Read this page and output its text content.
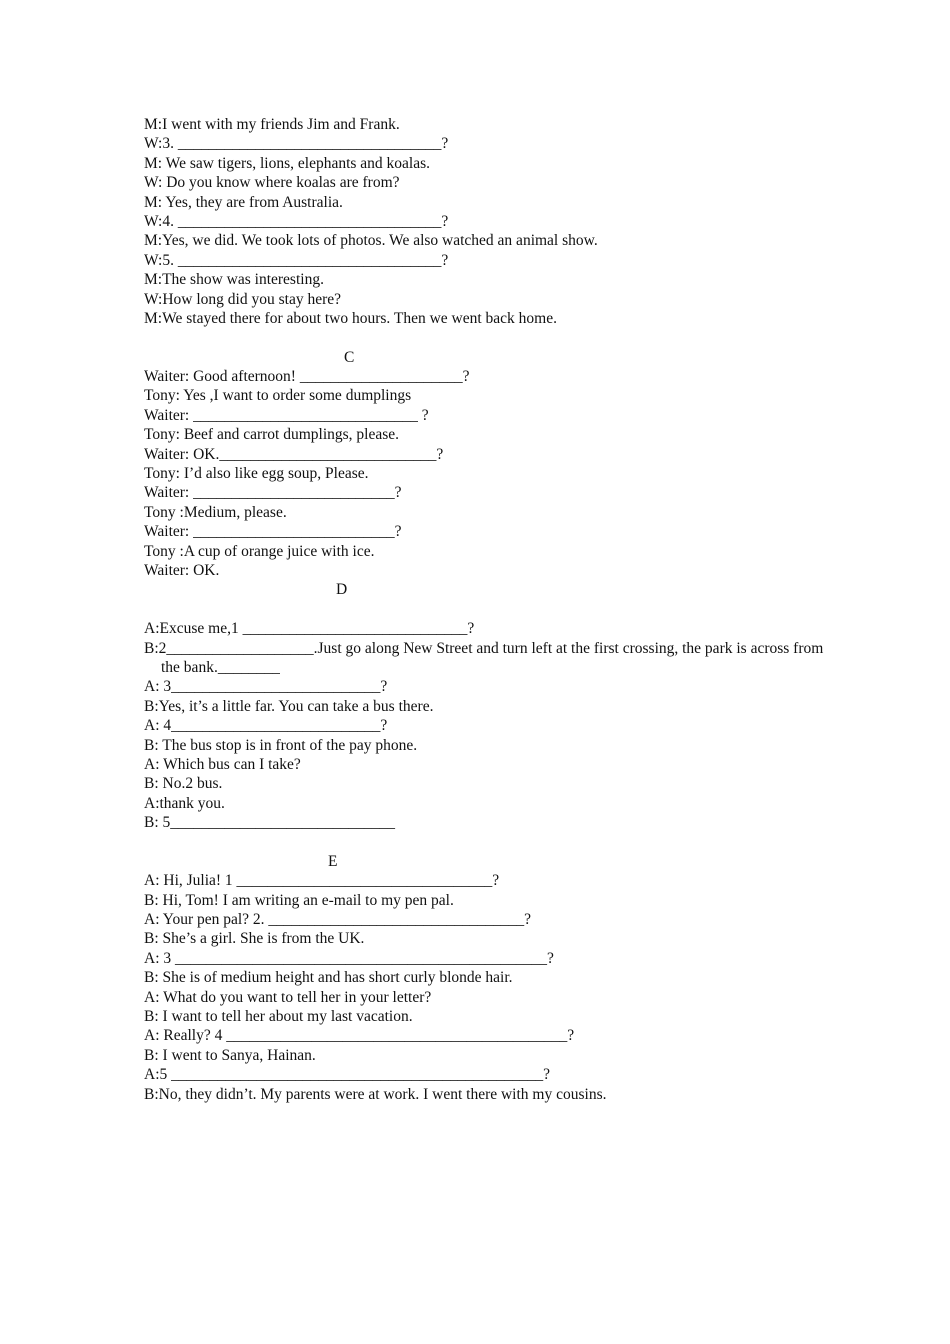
M:I went with my friends Jim and Frank.
W:3. __________________________________?
M: We saw tigers, lions, elephants and koalas.
W: Do you know where koalas are from?
M: Yes, they are from Australia.
W:4. __________________________________?
M:Yes, we did. We took lots of photos. We also watched an animal show.
W:5. __________________________________?
M:The show was interesting.
W:How long did you stay here?
M:We stayed there for about two hours. Then we went back home.
C
Waiter: Good afternoon! _____________________?
Tony: Yes ,I want to order some dumplings
Waiter: _____________________________ ?
Tony: Beef and carrot dumplings, please.
Waiter: OK.____________________________?
Tony: I’d also like egg soup, Please.
Waiter: __________________________?
Tony :Medium, please.
Waiter: __________________________?
Tony :A cup of orange juice with ice.
Waiter: OK.
D
A:Excuse me,1 _____________________________?
B:2___________________.Just go along New Street and turn left at the first crossing, the park is across from the bank.________
A: 3___________________________?
B:Yes, it’s a little far. You can take a bus there.
A: 4___________________________?
B: The bus stop is in front of the pay phone.
A: Which bus can I take?
B: No.2 bus.
A:thank you.
B: 5_____________________________
E
A: Hi, Julia! 1 _________________________________?
B: Hi, Tom! I am writing an e-mail to my pen pal.
A: Your pen pal? 2. _________________________________?
B: She’s a girl. She is from the UK.
A: 3 ________________________________________________?
B: She is of medium height and has short curly blonde hair.
A: What do you want to tell her in your letter?
B: I want to tell her about my last vacation.
A: Really? 4 ____________________________________________?
B: I went to Sanya, Hainan.
A:5 ________________________________________________?
B:No, they didn’t. My parents were at work. I went there with my cousins.
